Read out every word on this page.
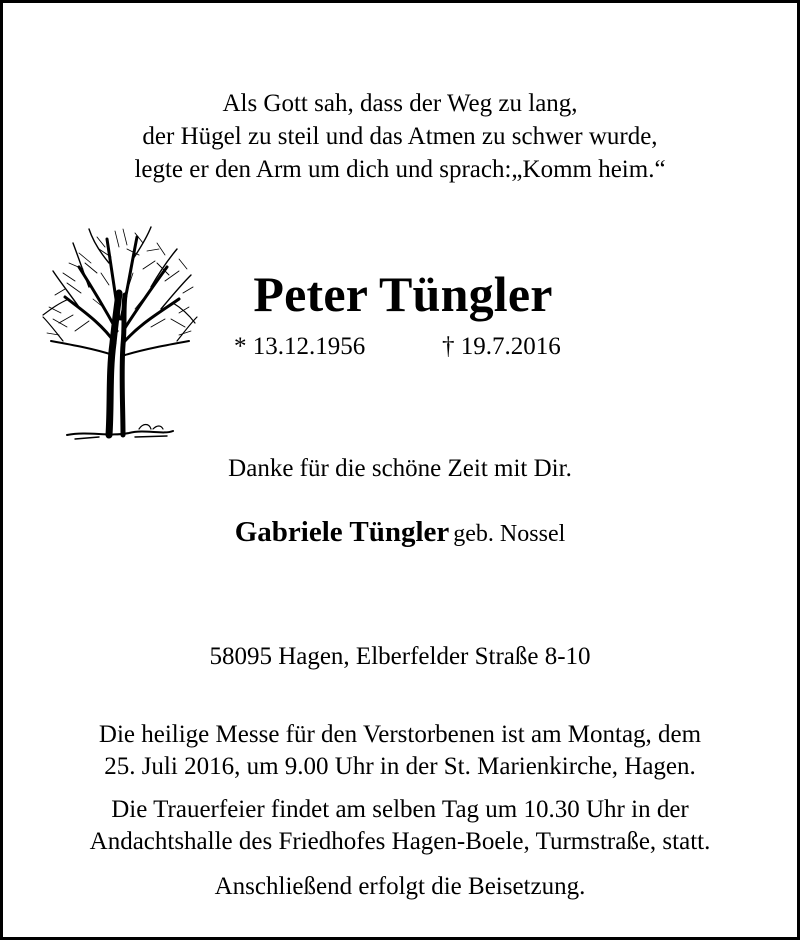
Als Gott sah, dass der Weg zu lang,
der Hügel zu steil und das Atmen zu schwer wurde,
legte er den Arm um dich und sprach:„Komm heim.“
Peter Tüngler
* 13.12.1956	† 19.7.2016
Danke für die schöne Zeit mit Dir.
Gabriele Tüngler geb. Nossel
58095 Hagen, Elberfelder Straße 8-10
Die heilige Messe für den Verstorbenen ist am Montag, dem
25. Juli 2016, um 9.00 Uhr in der St. Marienkirche, Hagen.
Die Trauerfeier findet am selben Tag um 10.30 Uhr in der
Andachtshalle des Friedhofes Hagen-Boele, Turmstraße, statt.
Anschließend erfolgt die Beisetzung.
